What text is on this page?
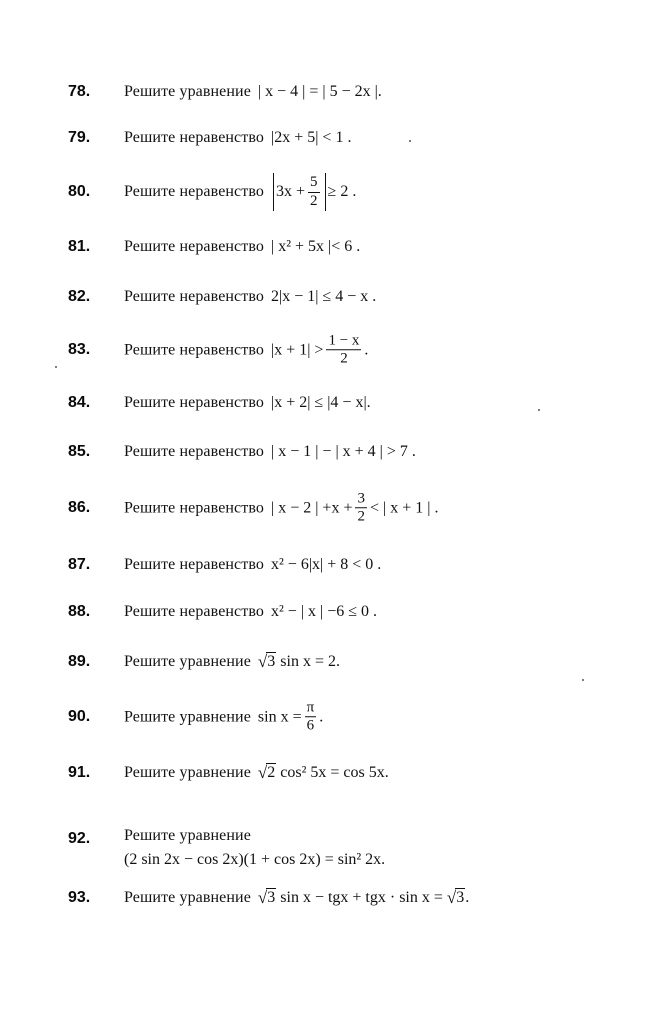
78. Решите уравнение | x − 4 | = | 5 − 2x |.
79. Решите неравенство |2x + 5| < 1 .
80. Решите неравенство $3x + \frac{5}{2} \ge 2$ .
81. Решите неравенство | x² + 5x |< 6 .
82. Решите неравенство 2|x − 1| ≤ 4 − x .
83. Решите неравенство $|x + 1| > \frac{1 - x}{2}$ .
84. Решите неравенство |x + 2| ≤ |4 − x|.
85. Решите неравенство | x − 1 | − | x + 4 | > 7 .
86. Решите неравенство | x − 2 | $+x + \frac{3}{2}$ < | x + 1 | .
87. Решите неравенство x² − 6|x| + 8 < 0 .
88. Решите неравенство x² − | x | −6 ≤ 0 .
89. Решите уравнение √ 3 sin x = 2.
90. Решите уравнение $\sin x = \frac{\pi}{6}$ .
91. Решите уравнение √ 2 cos² 5x = cos 5x.
92. Решите уравнение
(2 sin 2x − cos 2x)(1 + cos 2x) = sin² 2x.
93. Решите уравнение √ 3 sin x − tgx + tgx · sin x = √ 3 .
